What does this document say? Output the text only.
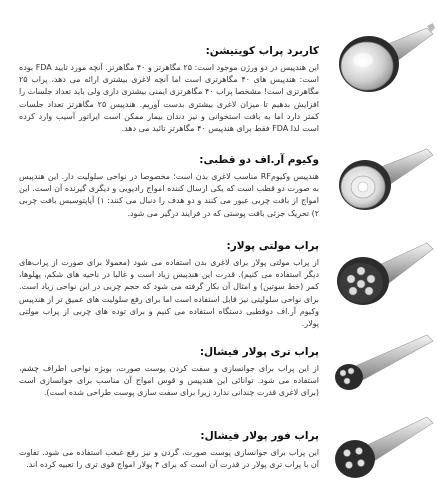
کاربرد پراب کویتیشن:
این هندپیس در دو ورژن موجود است: ۲۵ مگاهرتز و ۴۰ مگاهرتز. آنچه مورد تایید FDA بوده است: هندپیس های ۴۰ مگاهرتزی است اما آنچه لاغری بیشتری ارائه می دهد، پراب ۲۵ مگاهرتزی است! مشخصا پراب ۴۰ مگاهرتزی ایمنی بیشتری داری ولی باید تعداد جلسات را افزایش بدهیم تا میزان لاغری بیشتری بدست آوریم. هندپیس ۲۵ مگاهرتز تعداد جلسات کمتر دارد اما به بافت استخوانی و نیز دندان بیمار ممکن است ایراتور آسیب وارد کرده است لذا FDA فقط برای هندپیس ۴۰ مگاهرتز تائید می دهد.
وکیوم آر.اف دو قطبی:
هندپیس وکیومRF مناسب لاغری بدن است؛ مخصوصا در نواحی سلولیت دار. این هندپیس به صورت دو قطب است که یکی ارسال کننده امواج رادیویی و دیگری گیرنده آن است. این امواج از بافت چربی عبور می کنند و دو هدف را دنبال می کنند: ۱) آپاپتوسیس بافت چربی ۲) تحریک جزئی بافت پوستی که در فرایند درگیر می شود.
پراب مولتی پولار:
از پراب مولتی پولار برای لاغری بدن استفاده می شود (معمولا برای صورت از پراب‌های دیگر استفاده می کنیم). قدرت این هندپیس زیاد است و غالبا در ناحیه های شکم، پهلوها، کمر (خط سوتین) و امثال آن بکار گرفته می شود که حجم چربی در این نواحی زیاد است. برای نواحی سلولیتی نیز قابل استفاده است اما برای رفع سلولیت های عمیق تر از هندپیس وکیوم آر.اف دوقطبی دستگاه استفاده می کنیم و برای توده های چربی از پراب مولتی پولار.
پراب تری پولار فیشال:
از این پراب برای جوانسازی و سفت کردن پوست صورت، بویژه نواحی اطراف چشم، استفاده می شود. توانائی این هندپیس و قوس امواج آن مناسب برای جوانسازی است (برای لاغری قدرت چندانی ندارد زیرا برای سفت سازی پوست طراحی شده است).
پراب فور پولار فیشال:
این پراب برای جوانسازی پوست صورت، گردن و نیز رفع غبغب استفاده می شود. تفاوت آن با پراب تری پولار در قدرت آن است که برای ۴ پولار امواج قوی تری را تعبیه کرده اند.
